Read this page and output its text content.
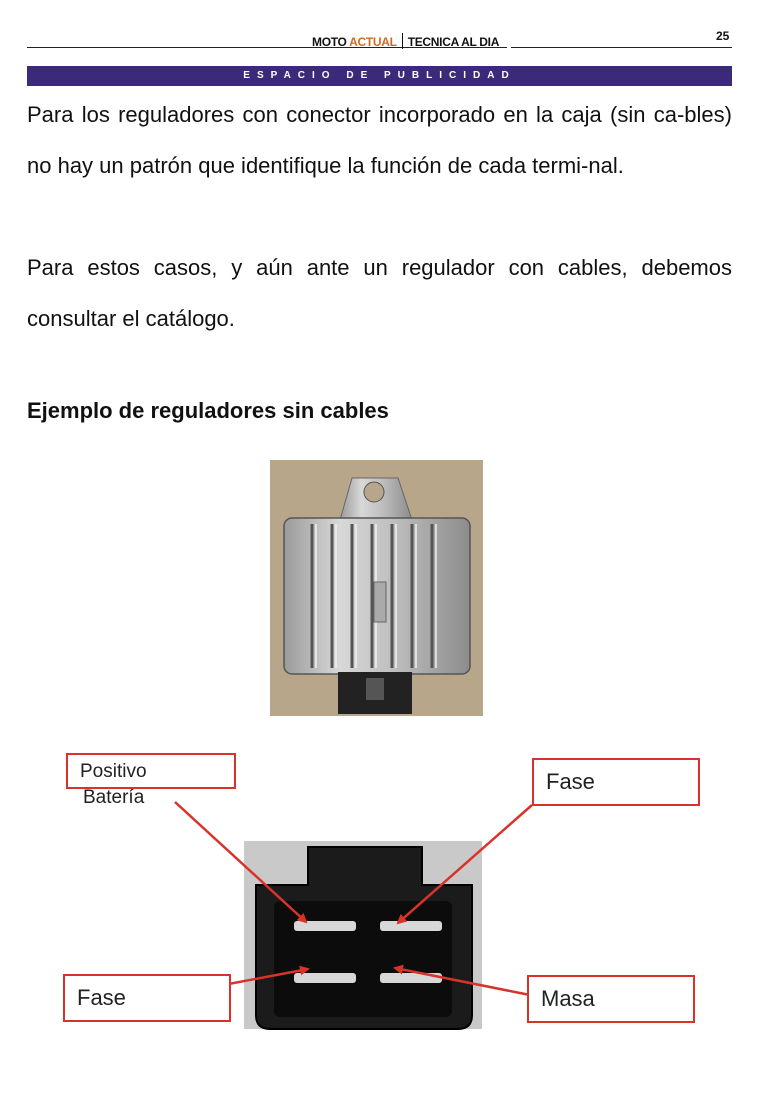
MOTO ACTUAL TECNICA AL DIA	25
ESPACIO DE PUBLICIDAD
Para los reguladores con conector incorporado en la caja (sin ca-bles) no hay un patrón que identifique la función de cada termi-nal.
Para estos casos, y aún ante un regulador con cables, debemos consultar el catálogo.
Ejemplo de reguladores sin cables
Positivo
Batería
Fase
Fase	Masa
